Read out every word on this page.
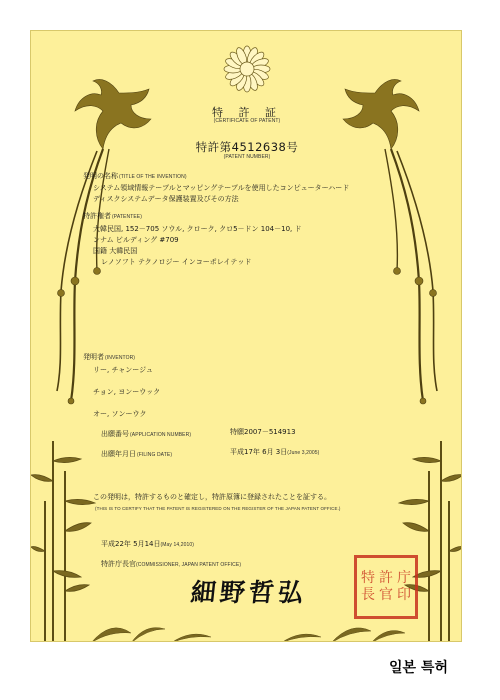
特 許 証
(CERTIFICATE OF PATENT)
特許第4512638号
(PATENT NUMBER)
発明の名称(TITLE OF THE INVENTION)
システム領域情報テーブルとマッピングテーブルを使用したコンピューターハード
ディスクシステムデータ保護装置及びその方法
特許権者(PATENTEE)
大韓民国, 152－705 ソウル, クローク, クロ5－ドン 104－10, ド
ンナム ビルディング #709
国籍 大韓民国
レノソフト テクノロジー インコーポレイテッド
発明者(INVENTOR)
リー, チャンージュ
チョン, ヨンーウック
オー, ソンーウク
出願番号(APPLICATION NUMBER)	特願2007－514913
出願年月日(FILING DATE)	平成17年 6月 3日(June 3,2005)
この発明は，特許するものと確定し，特許原簿に登録されたことを証する。
(THIS IS TO CERTIFY THAT THE PATENT IS REGISTERED ON THE REGISTER OF THE JAPAN PATENT OFFICE.)
平成22年 5月14日(May 14,2010)
特許庁長官(COMMISSIONER, JAPAN PATENT OFFICE)
細野哲弘	特 許 庁
長 官 印
일본 특허
